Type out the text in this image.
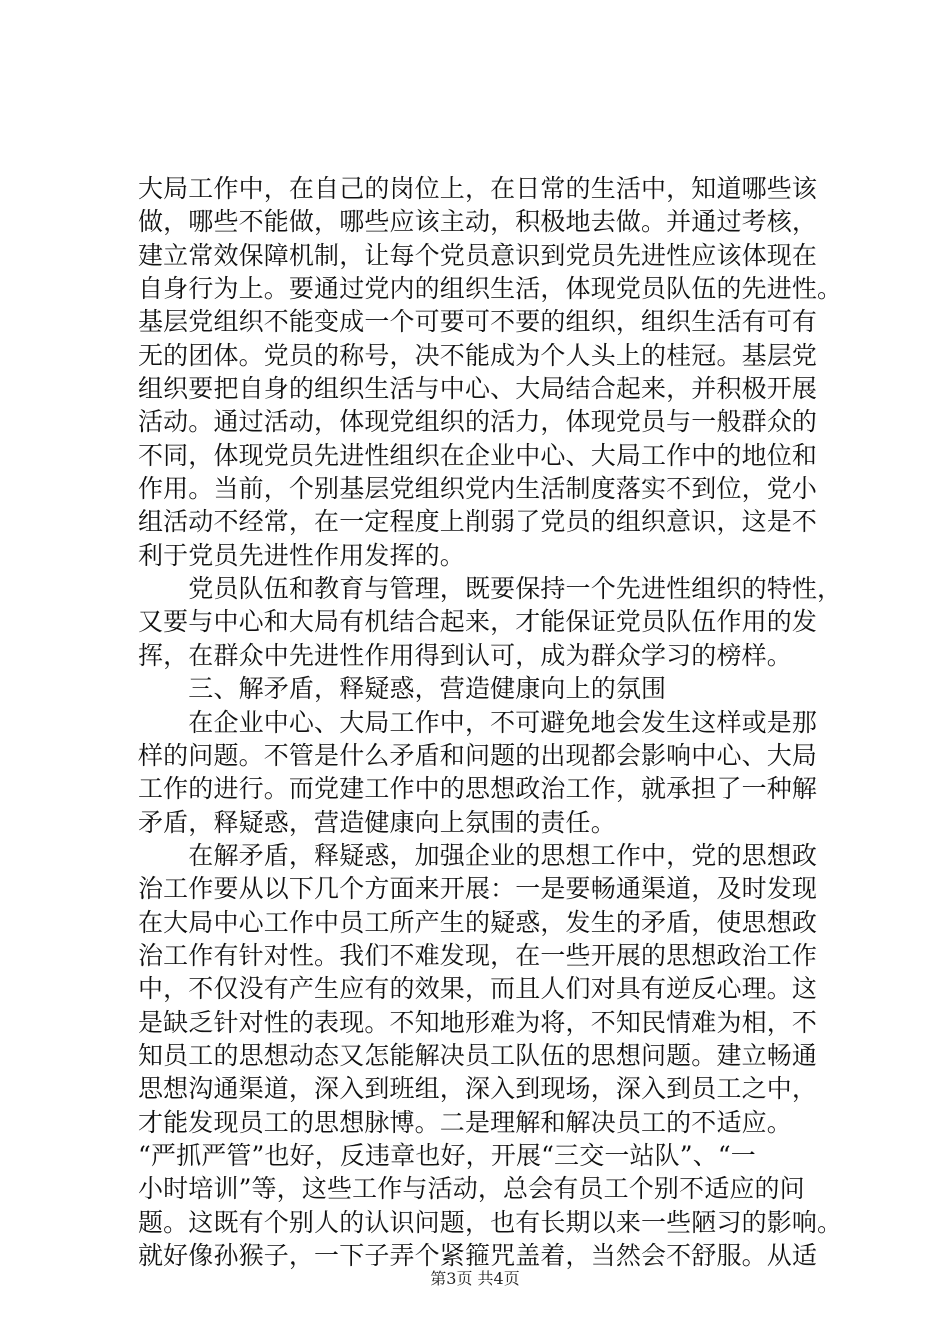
大局工作中，在自己的岗位上，在日常的生活中，知道哪些该
做，哪些不能做，哪些应该主动，积极地去做。并通过考核，
建立常效保障机制，让每个党员意识到党员先进性应该体现在
自身行为上。要通过党内的组织生活，体现党员队伍的先进性。
基层党组织不能变成一个可要可不要的组织，组织生活有可有
无的团体。党员的称号，决不能成为个人头上的桂冠。基层党
组织要把自身的组织生活与中心、大局结合起来，并积极开展
活动。通过活动，体现党组织的活力，体现党员与一般群众的
不同，体现党员先进性组织在企业中心、大局工作中的地位和
作用。当前，个别基层党组织党内生活制度落实不到位，党小
组活动不经常，在一定程度上削弱了党员的组织意识，这是不
利于党员先进性作用发挥的。
　　党员队伍和教育与管理，既要保持一个先进性组织的特性，
又要与中心和大局有机结合起来，才能保证党员队伍作用的发
挥，在群众中先进性作用得到认可，成为群众学习的榜样。
　　三、解矛盾，释疑惑，营造健康向上的氛围
　　在企业中心、大局工作中，不可避免地会发生这样或是那
样的问题。不管是什么矛盾和问题的出现都会影响中心、大局
工作的进行。而党建工作中的思想政治工作，就承担了一种解
矛盾，释疑惑，营造健康向上氛围的责任。
　　在解矛盾，释疑惑，加强企业的思想工作中，党的思想政
治工作要从以下几个方面来开展：一是要畅通渠道，及时发现
在大局中心工作中员工所产生的疑惑，发生的矛盾，使思想政
治工作有针对性。我们不难发现，在一些开展的思想政治工作
中，不仅没有产生应有的效果，而且人们对具有逆反心理。这
是缺乏针对性的表现。不知地形难为将，不知民情难为相，不
知员工的思想动态又怎能解决员工队伍的思想问题。建立畅通
思想沟通渠道，深入到班组，深入到现场，深入到员工之中，
才能发现员工的思想脉博。二是理解和解决员工的不适应。
“严抓严管”也好，反违章也好，开展“三交一站队”、“一
小时培训”等，这些工作与活动，总会有员工个别不适应的问
题。这既有个别人的认识问题，也有长期以来一些陋习的影响。
就好像孙猴子，一下子弄个紧箍咒盖着，当然会不舒服。从适
第3页 共4页
